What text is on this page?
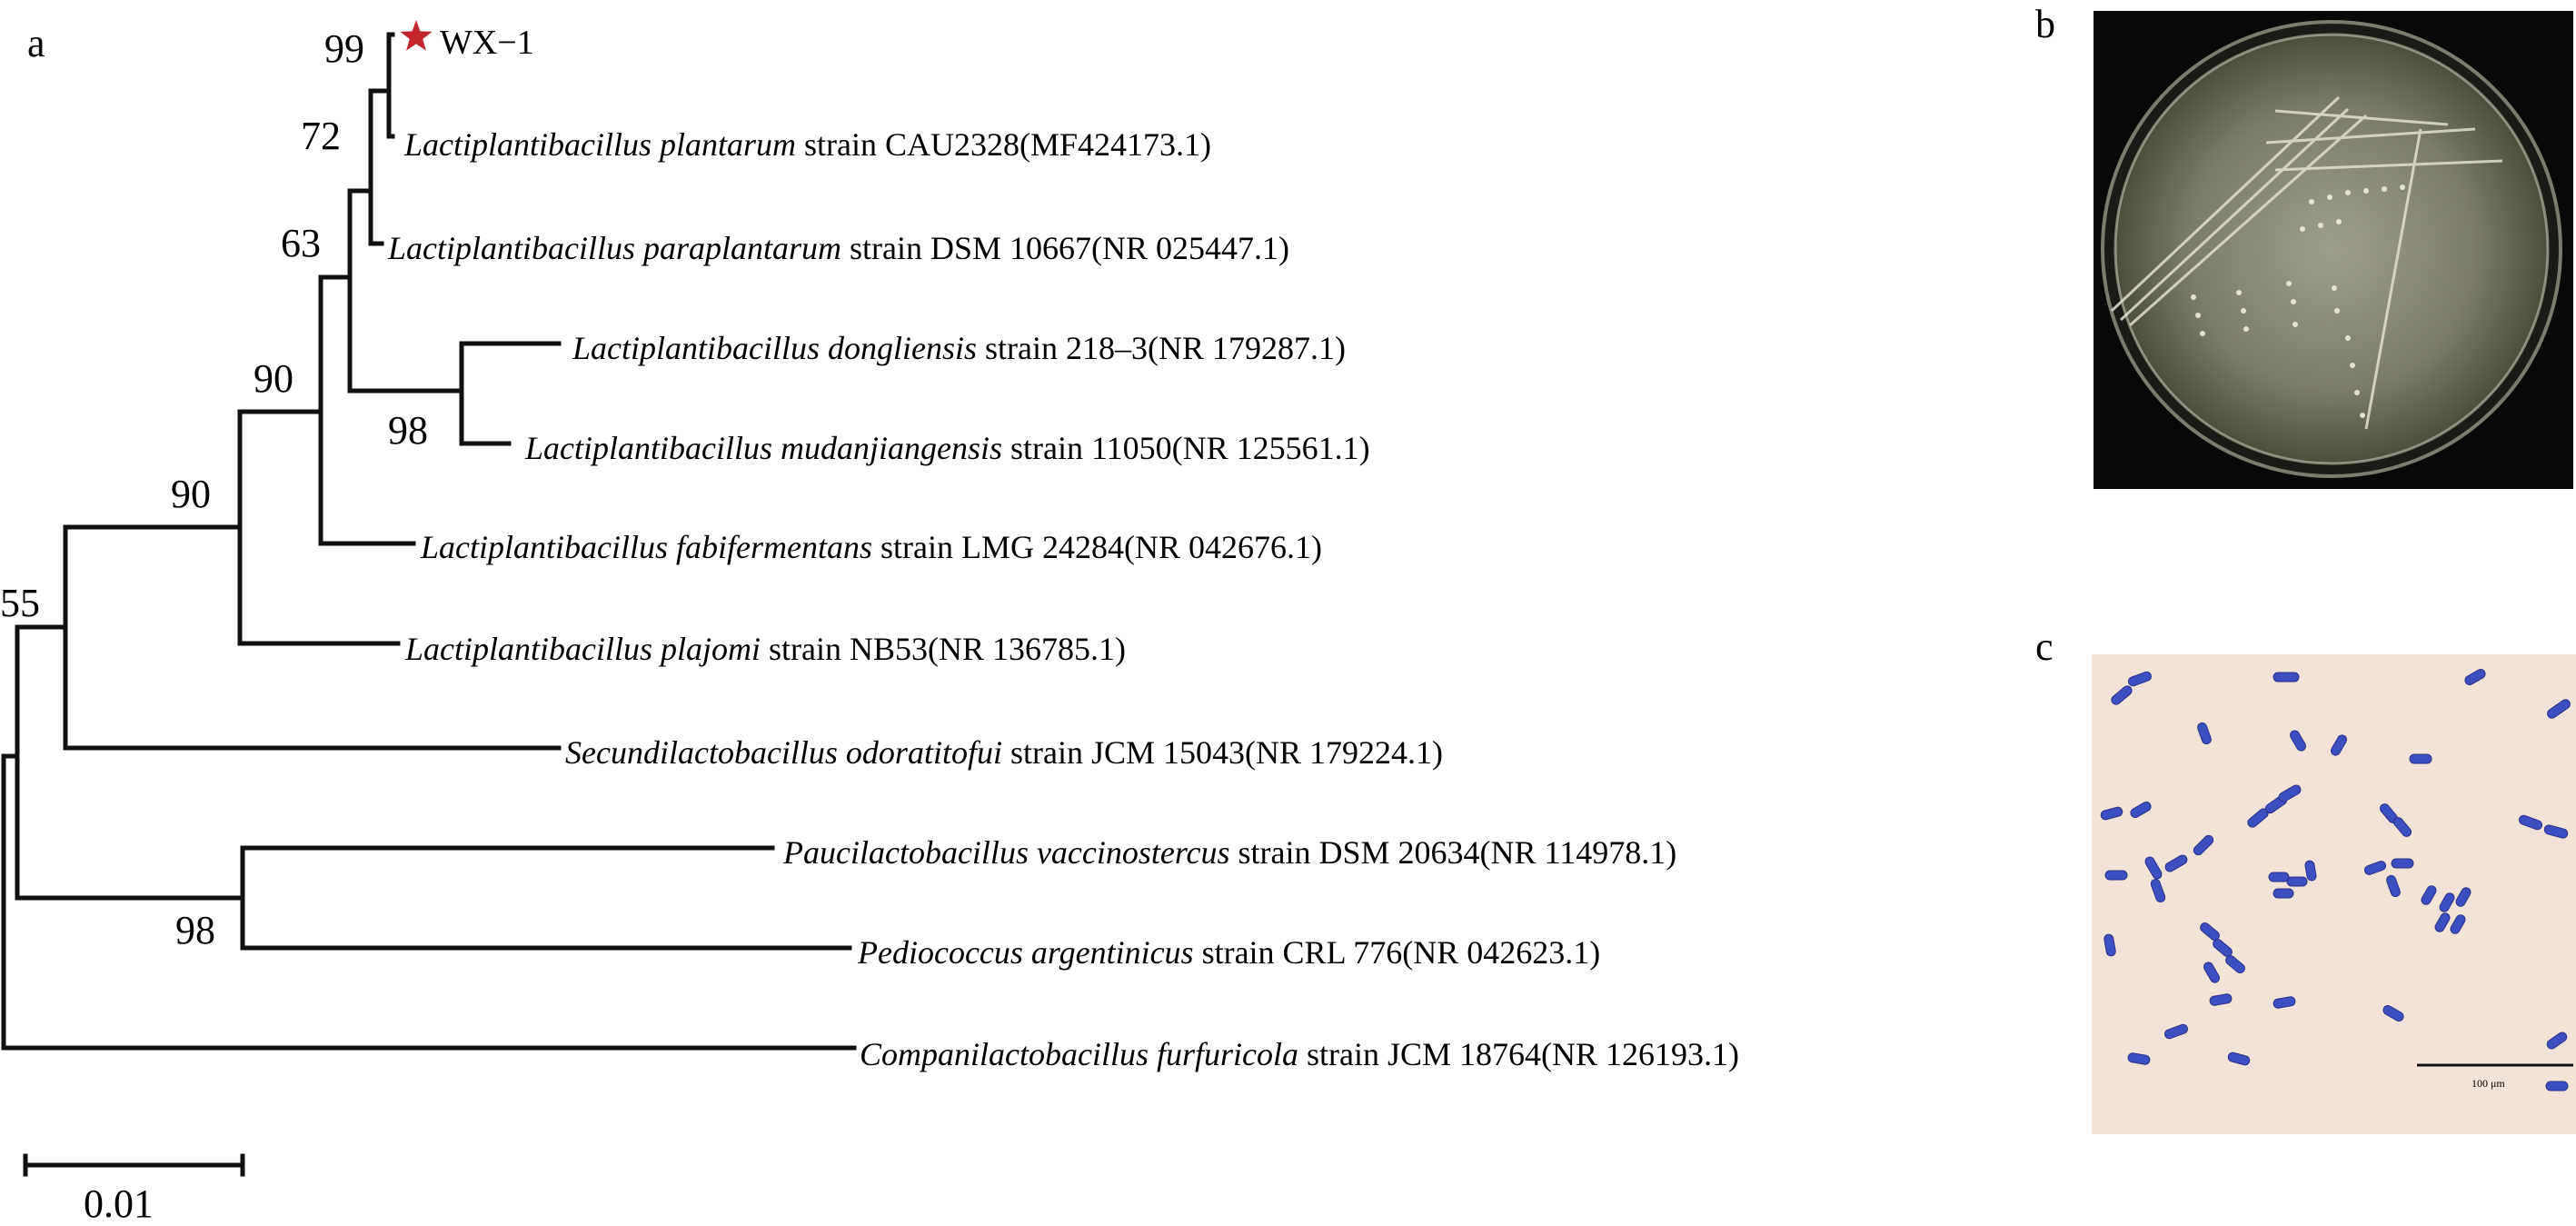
a	b
c
WX−1
Lactiplantibacillus plantarum strain CAU2328(MF424173.1)
Lactiplantibacillus paraplantarum strain DSM 10667(NR 025447.1)
Lactiplantibacillus dongliensis strain 218–3(NR 179287.1)
Lactiplantibacillus mudanjiangensis strain 11050(NR 125561.1)
Lactiplantibacillus fabifermentans strain LMG 24284(NR 042676.1)
Lactiplantibacillus plajomi strain NB53(NR 136785.1)
Secundilactobacillus odoratitofui strain JCM 15043(NR 179224.1)
Paucilactobacillus vaccinostercus strain DSM 20634(NR 114978.1)
Pediococcus argentinicus strain CRL 776(NR 042623.1)
Companilactobacillus furfuricola strain JCM 18764(NR 126193.1)
99
72
63
98
90
90
55
98
0.01
100 μm
